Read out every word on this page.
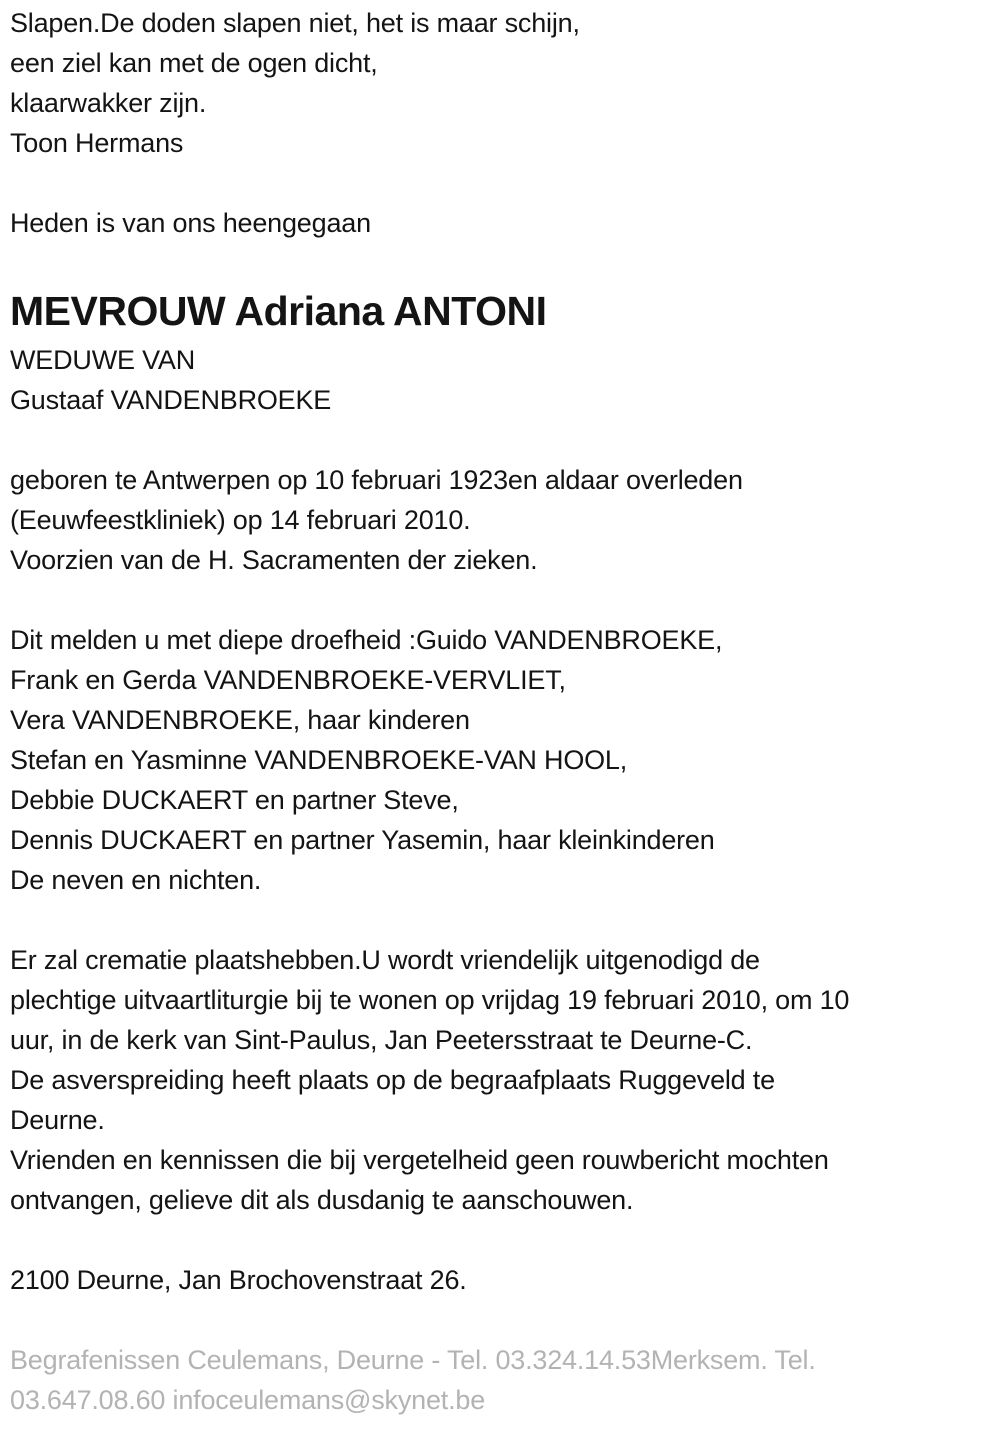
Slapen.De doden slapen niet, het is maar schijn,
een ziel kan met de ogen dicht,
klaarwakker zijn.
Toon Hermans
Heden is van ons heengegaan
MEVROUW Adriana ANTONI
WEDUWE VAN
Gustaaf VANDENBROEKE
geboren te Antwerpen op 10 februari 1923en aldaar overleden
(Eeuwfeestkliniek) op 14 februari 2010.
Voorzien van de H. Sacramenten der zieken.
Dit melden u met diepe droefheid :Guido VANDENBROEKE,
Frank en Gerda VANDENBROEKE-VERVLIET,
Vera VANDENBROEKE, haar kinderen
Stefan en Yasminne VANDENBROEKE-VAN HOOL,
Debbie DUCKAERT en partner Steve,
Dennis DUCKAERT en partner Yasemin, haar kleinkinderen
De neven en nichten.
Er zal crematie plaatshebben.U wordt vriendelijk uitgenodigd de
plechtige uitvaartliturgie bij te wonen op vrijdag 19 februari 2010, om 10
uur, in de kerk van Sint-Paulus, Jan Peetersstraat te Deurne-C.
De asverspreiding heeft plaats op de begraafplaats Ruggeveld te
Deurne.
Vrienden en kennissen die bij vergetelheid geen rouwbericht mochten
ontvangen, gelieve dit als dusdanig te aanschouwen.
2100 Deurne, Jan Brochovenstraat 26.
Begrafenissen Ceulemans, Deurne - Tel. 03.324.14.53Merksem. Tel.
03.647.08.60 infoceulemans@skynet.be
